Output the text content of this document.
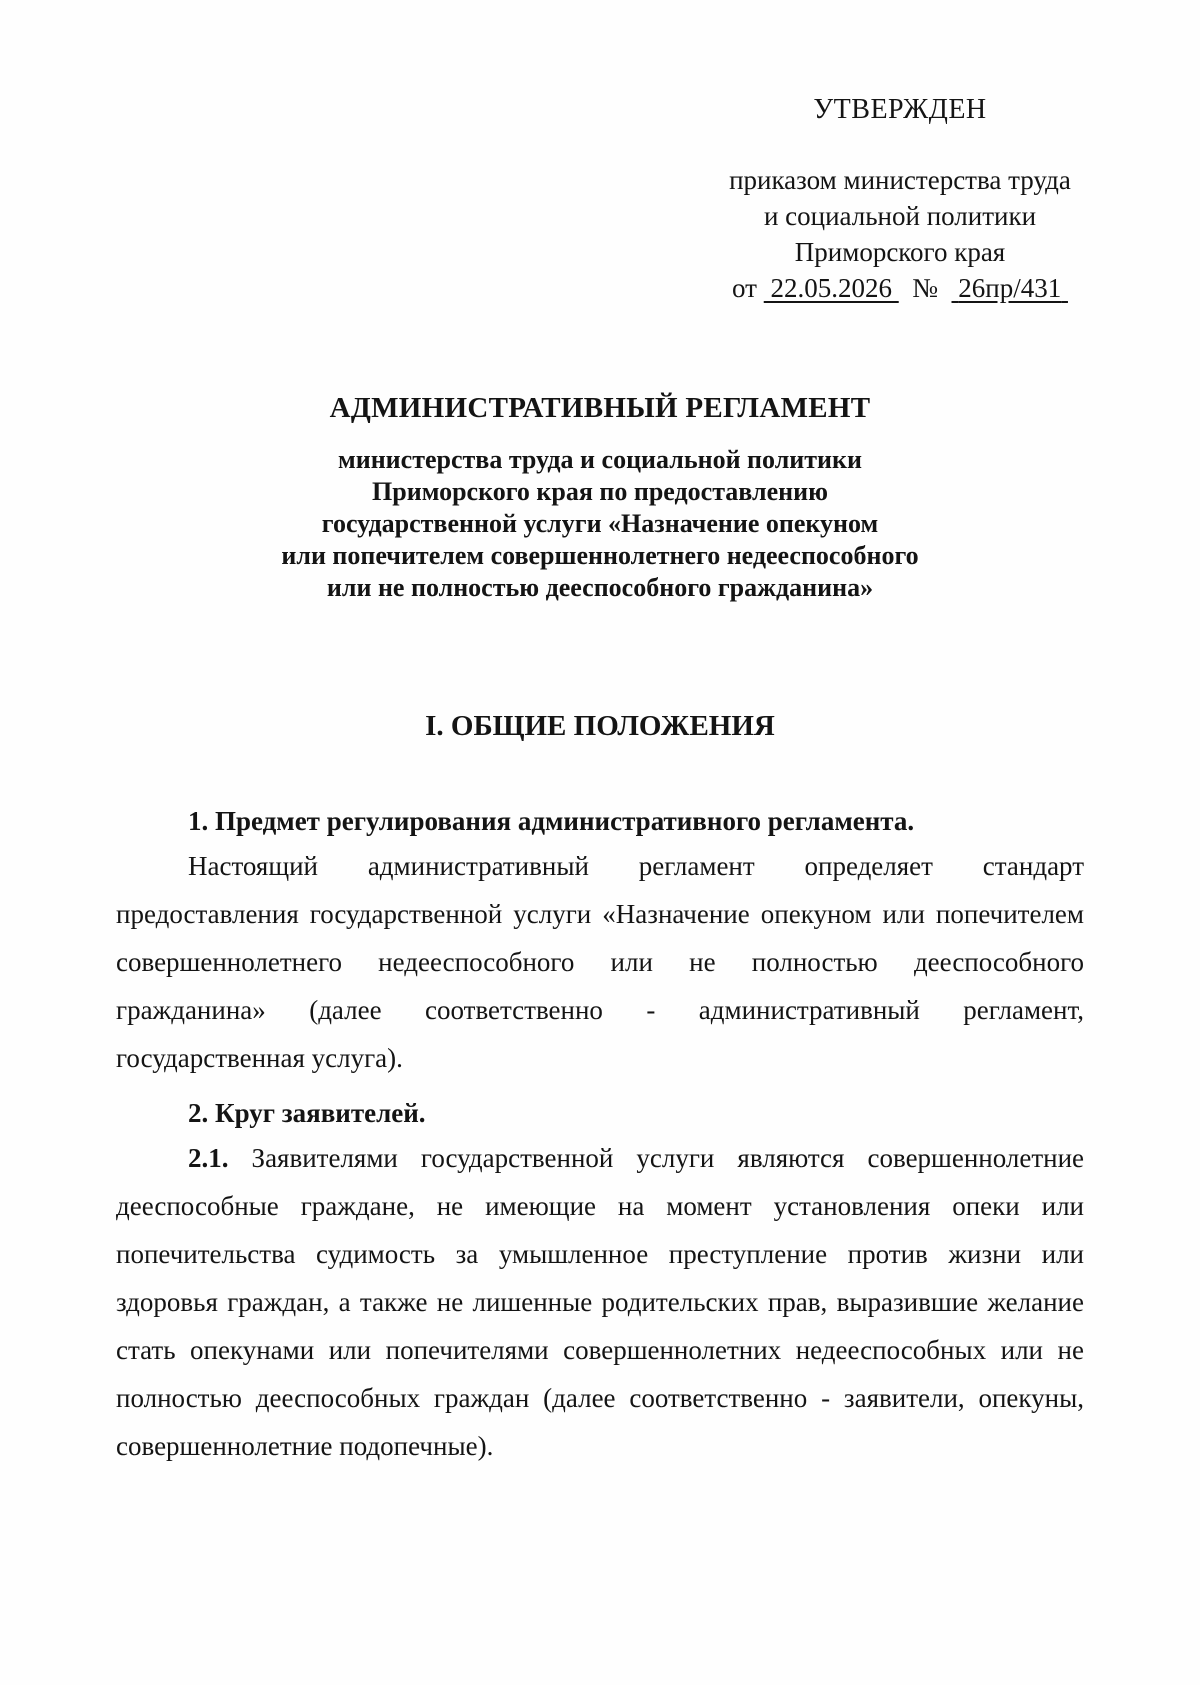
УТВЕРЖДЕН
приказом министерства труда
и социальной политики
Приморского края
от 22.05.2026 № 26пр/431
АДМИНИСТРАТИВНЫЙ РЕГЛАМЕНТ
министерства труда и социальной политики
Приморского края по предоставлению
государственной услуги «Назначение опекуном
или попечителем совершеннолетнего недееспособного
или не полностью дееспособного гражданина»
I. ОБЩИЕ ПОЛОЖЕНИЯ
1. Предмет регулирования административного регламента.
Настоящий административный регламент определяет стандарт предоставления государственной услуги «Назначение опекуном или попечителем совершеннолетнего недееспособного или не полностью дееспособного гражданина» (далее соответственно - административный регламент, государственная услуга).
2. Круг заявителей.
2.1. Заявителями государственной услуги являются совершеннолетние дееспособные граждане, не имеющие на момент установления опеки или попечительства судимость за умышленное преступление против жизни или здоровья граждан, а также не лишенные родительских прав, выразившие желание стать опекунами или попечителями совершеннолетних недееспособных или не полностью дееспособных граждан (далее соответственно - заявители, опекуны, совершеннолетние подопечные).
